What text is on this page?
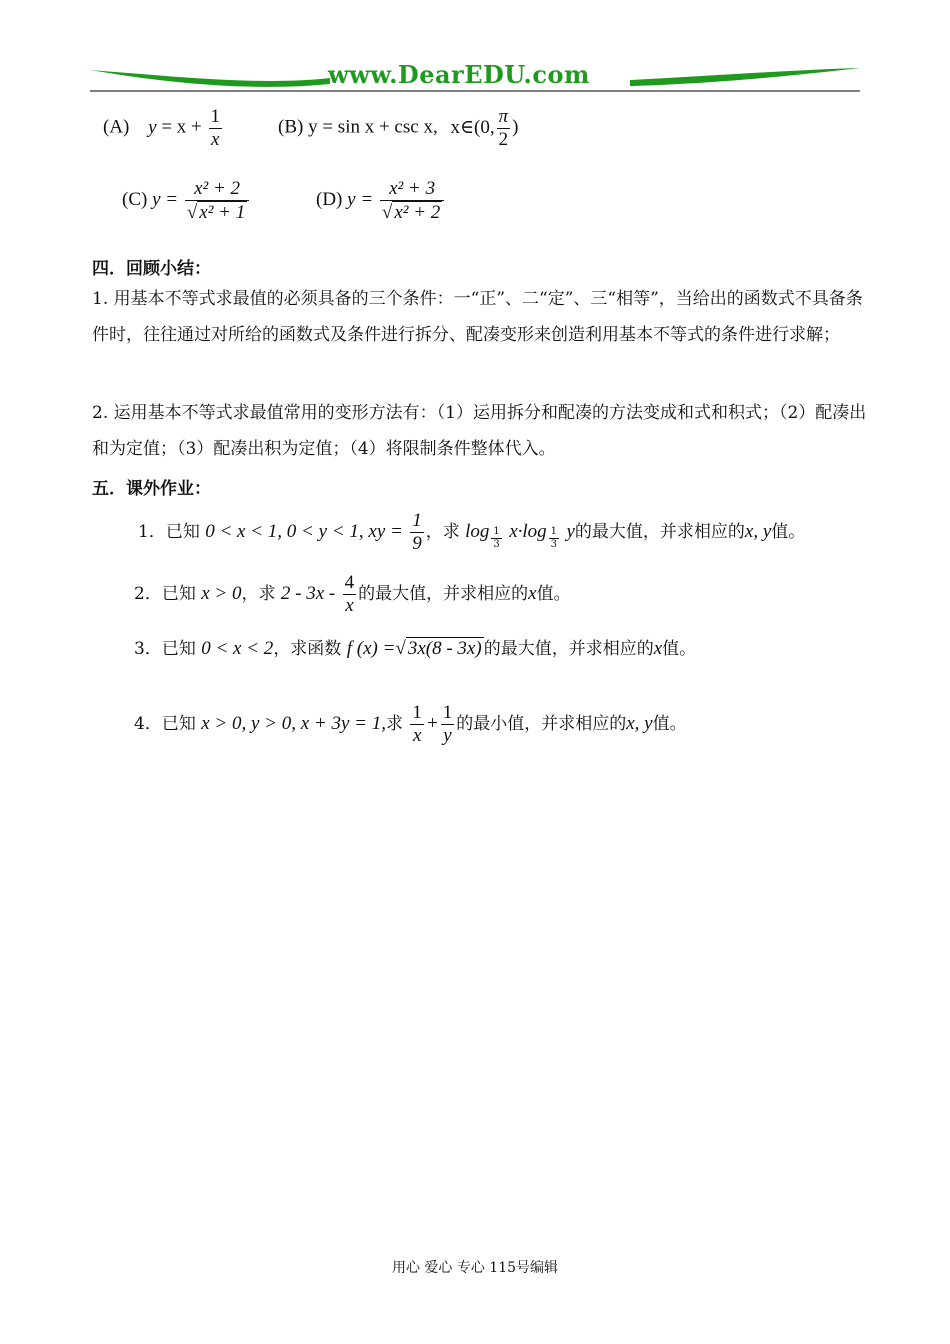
www.DearEDU.com
(A) $y = x + \frac{1}{x}$	(B) y = sin x + csc x, x∈(0, $\frac{\pi}{2}$ )
(C) $y = \frac{\text{x² + 2}}{\text{√ x² + 1}}$	(D) $y = \frac{\text{x² + 3}}{\text{√ x² + 2}}$
四．回顾小结：
1. 用基本不等式求最值的必须具备的三个条件：一“正”、二“定”、三“相等”，当给出的函数式不具备条件时，往往通过对所给的函数式及条件进行拆分、配凑变形来创造利用基本不等式的条件进行求解；
2. 运用基本不等式求最值常用的变形方法有：（1）运用拆分和配凑的方法变成和式和积式；（2）配凑出和为定值；（3）配凑出积为定值；（4）将限制条件整体代入。
五．课外作业：
1．已知 0 < x < 1, 0 < y < 1, xy = $\frac{1}{9}$ ，求 $\log \frac{1}{3} x\cdot\log \frac{1}{3}$ y的最大值，并求相应的x, y值。
2．已知 x > 0，求 $2 - 3x - \frac{4}{x}$ 的最大值，并求相应的x值。
3．已知 0 < x < 2，求函数 f (x) =√ 3x(8 - 3x) 的最大值，并求相应的x值。
4．已知 x > 0, y > 0, x + 3y = 1,求 $\frac{1}{x} + \frac{1}{y}$ 的最小值，并求相应的x, y值。
用心 爱心 专心 115号编辑
